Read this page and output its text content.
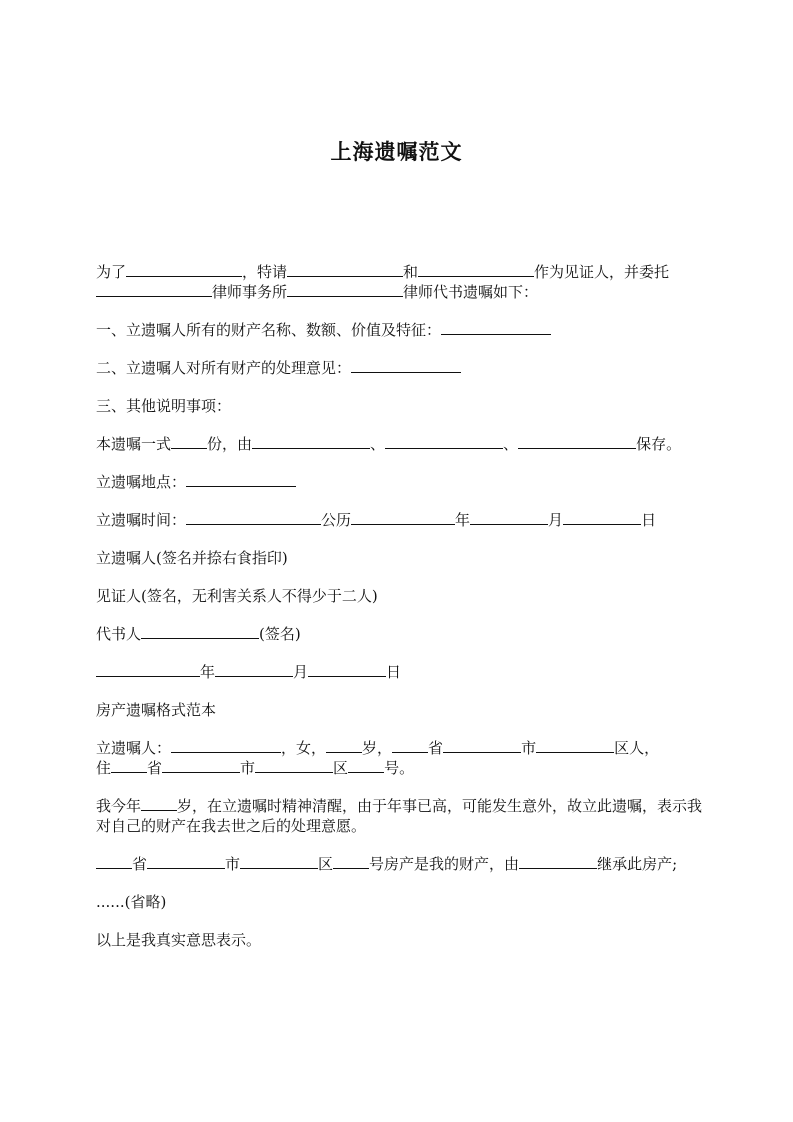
上海遗嘱范文

为了	，特请	和	作为见证人，并委托
律师事务所	律师代书遗嘱如下：

一、立遗嘱人所有的财产名称、数额、价值及特征：

二、立遗嘱人对所有财产的处理意见：

三、其他说明事项：

本遗嘱一式 份，由	、	、	保存。

立遗嘱地点：

立遗嘱时间：	公历	年	月	日

立遗嘱人(签名并捺右食指印)

见证人(签名，无利害关系人不得少于二人)

代书人	(签名)

年	月	日

房产遗嘱格式范本

立遗嘱人：	，女， 岁， 省	市	区人，
住 省	市	区 号。

我今年 岁，在立遗嘱时精神清醒，由于年事已高，可能发生意外，故立此遗嘱，表示我对自己的财产在我去世之后的处理意愿。

省	市	区 号房产是我的财产，由	继承此房产;

......(省略)

以上是我真实意思表示。
